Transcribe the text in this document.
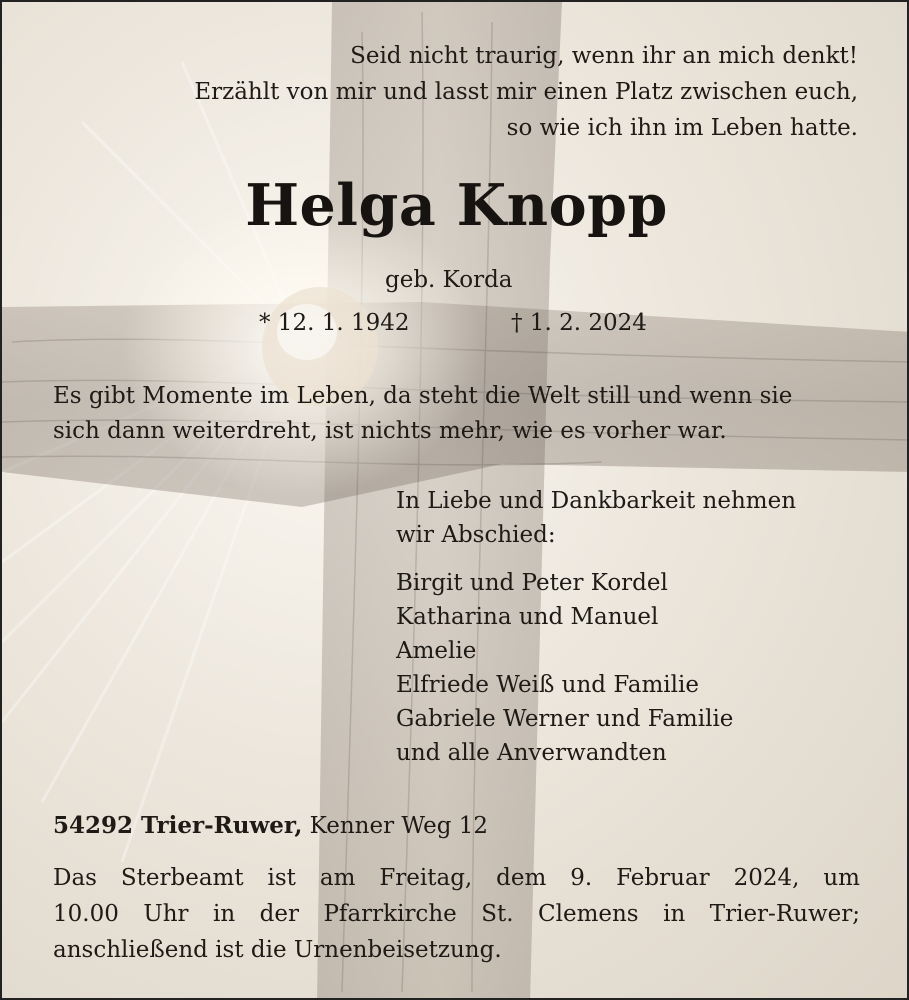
Seid nicht traurig, wenn ihr an mich denkt!
Erzählt von mir und lasst mir einen Platz zwischen euch,
so wie ich ihn im Leben hatte.
Helga Knopp
geb. Korda
* 12. 1. 1942	† 1. 2. 2024
Es gibt Momente im Leben, da steht die Welt still und wenn sie
sich dann weiterdreht, ist nichts mehr, wie es vorher war.
In Liebe und Dankbarkeit nehmen
wir Abschied:
Birgit und Peter Kordel
Katharina und Manuel
Amelie
Elfriede Weiß und Familie
Gabriele Werner und Familie
und alle Anverwandten
54292 Trier-Ruwer, Kenner Weg 12
Das Sterbeamt ist am Freitag, dem 9. Februar 2024, um
10.00 Uhr in der Pfarrkirche St. Clemens in Trier-Ruwer;
anschließend ist die Urnenbeisetzung.
